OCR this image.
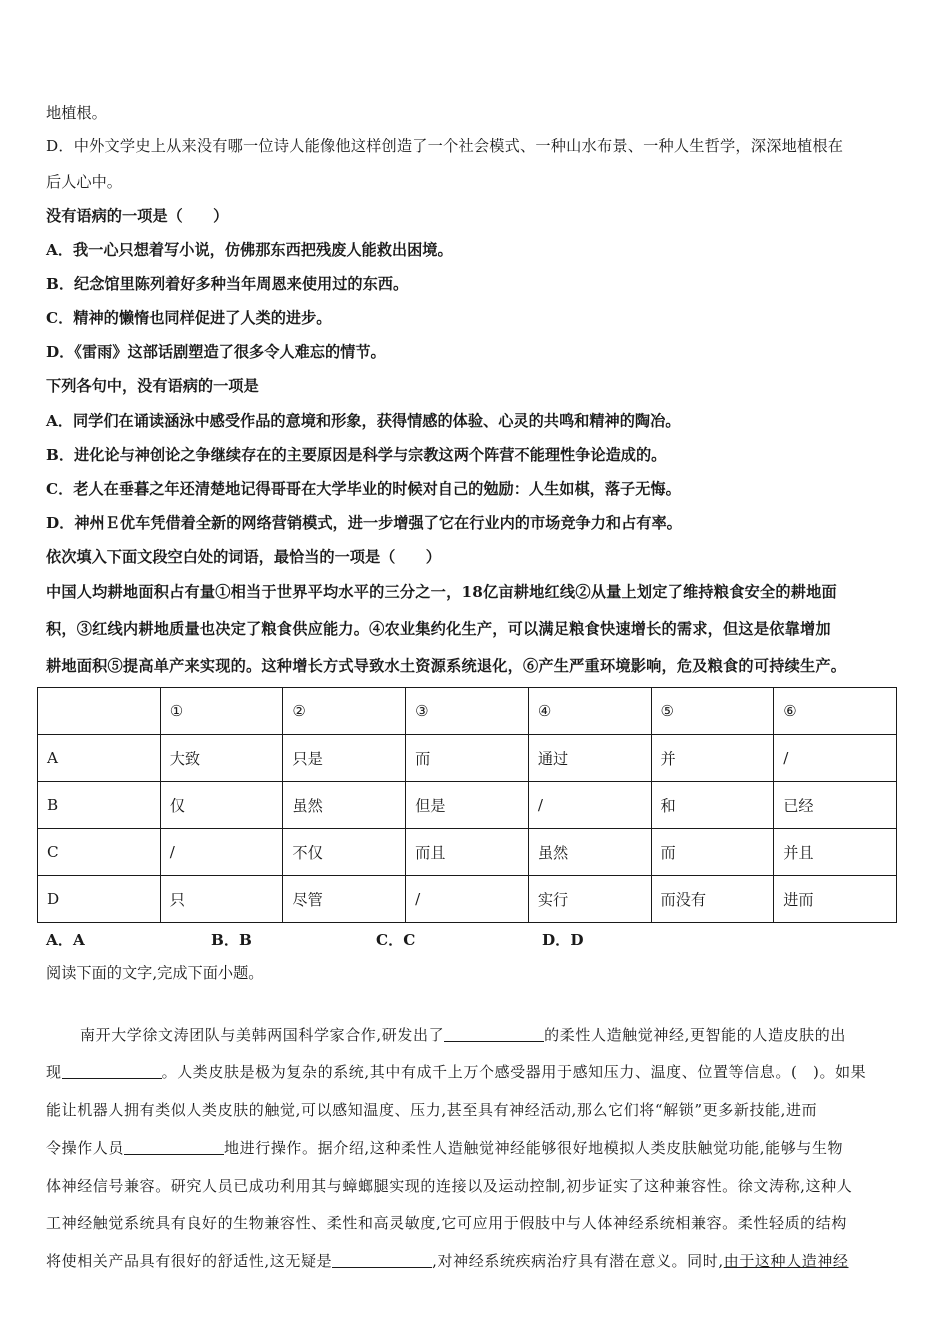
地植根。
D．中外文学史上从来没有哪一位诗人能像他这样创造了一个社会模式、一种山水布景、一种人生哲学，深深地植根在
后人心中。
没有语病的一项是（　　）
A．我一心只想着写小说，仿佛那东西把残废人能救出困境。
B．纪念馆里陈列着好多种当年周恩来使用过的东西。
C．精神的懒惰也同样促进了人类的进步。
D．《雷雨》这部话剧塑造了很多令人难忘的情节。
下列各句中，没有语病的一项是
A．同学们在诵读涵泳中感受作品的意境和形象，获得情感的体验、心灵的共鸣和精神的陶冶。
B．进化论与神创论之争继续存在的主要原因是科学与宗教这两个阵营不能理性争论造成的。
C．老人在垂暮之年还清楚地记得哥哥在大学毕业的时候对自己的勉励：人生如棋，落子无悔。
D．神州Ｅ优车凭借着全新的网络营销模式，进一步增强了它在行业内的市场竞争力和占有率。
依次填入下面文段空白处的词语，最恰当的一项是（　　）
中国人均耕地面积占有量①相当于世界平均水平的三分之一，18亿亩耕地红线②从量上划定了维持粮食安全的耕地面
积，③红线内耕地质量也决定了粮食供应能力。④农业集约化生产，可以满足粮食快速增长的需求，但这是依靠增加
耕地面积⑤提高单产来实现的。这种增长方式导致水土资源系统退化，⑥产生严重环境影响，危及粮食的可持续生产。
	①	②	③	④	⑤	⑥
A	大致	只是	而	通过	并	/
B	仅	虽然	但是	/	和	已经
C	/	不仅	而且	虽然	而	并且
D	只	尽管	/	实行	而没有	进而
A．A	B．B	C．C	D．D
阅读下面的文字,完成下面小题。
南开大学徐文涛团队与美韩两国科学家合作,研发出了	的柔性人造触觉神经,更智能的人造皮肤的出
现	。人类皮肤是极为复杂的系统,其中有成千上万个感受器用于感知压力、温度、位置等信息。(　)。如果
能让机器人拥有类似人类皮肤的触觉,可以感知温度、压力,甚至具有神经活动,那么它们将“解锁”更多新技能,进而
令操作人员	地进行操作。据介绍,这种柔性人造触觉神经能够很好地模拟人类皮肤触觉功能,能够与生物
体神经信号兼容。研究人员已成功利用其与蟑螂腿实现的连接以及运动控制,初步证实了这种兼容性。徐文涛称,这种人
工神经触觉系统具有良好的生物兼容性、柔性和高灵敏度,它可应用于假肢中与人体神经系统相兼容。柔性轻质的结构
将使相关产品具有很好的舒适性,这无疑是	,对神经系统疾病治疗具有潜在意义。同时,由于这种人造神经
